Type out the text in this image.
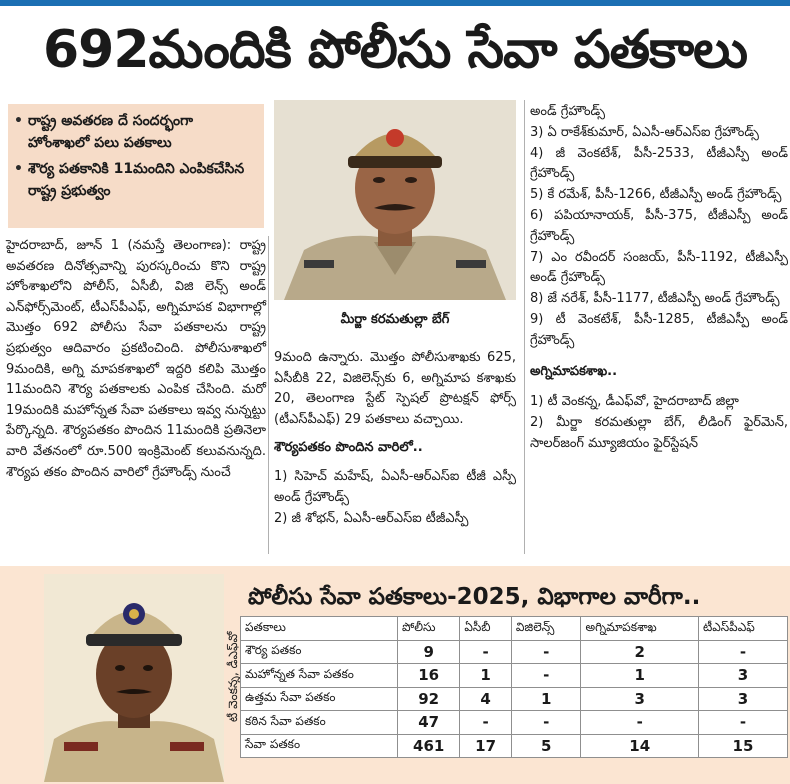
692మందికి పోలీసు సేవా పతకాలు
• రాష్ట్ర అవతరణ దే సందర్భంగా హోంశాఖలో పలు పతకాలు
• శౌర్య పతకానికి 11మందిని ఎంపికచేసిన రాష్ట్ర ప్రభుత్వం
హైదరాబాద్, జూన్ 1 (నమస్తే తెలంగాణ): రాష్ట్ర అవతరణ దినోత్సవాన్ని పురస్కరించు కొని రాష్ట్ర హోంశాఖలోని పోలీస్, ఏసీబీ, విజి లెన్స్ అండ్ ఎన్‌ఫోర్స్‌మెంట్, టీఎస్‌పీఎఫ్, అగ్నిమాపక విభాగాల్లో మొత్తం 692 పోలీసు సేవా పతకాలను రాష్ట్ర ప్రభుత్వం ఆదివారం ప్రకటించింది. పోలీసుశాఖలో 9మందికి, అగ్ని మాపకశాఖలో ఇద్దరి కలిపి మొత్తం 11మందిని శౌర్య పతకాలకు ఎంపిక చేసింది. మరో 19మందికి మహోన్నత సేవా పతకాలు ఇవ్వ నున్నట్టు పేర్కొన్నది. శౌర్యపతకం పొందిన 11మందికి ప్రతినెలా వారి వేతనంలో రూ.500 ఇంక్రిమెంట్ కలువనున్నది. శౌర్యప తకం పొందిన వారిలో గ్రేహౌండ్స్ నుంచే
మీర్జా కరమతుల్లా బేగ్
9మంది ఉన్నారు. మొత్తం పోలీసుశాఖకు 625, ఏసీబీకి 22, విజిలెన్స్‌కు 6, అగ్నిమాప కశాఖకు 20, తెలంగాణ స్టేట్ స్పెషల్ ప్రొటక్షన్ ఫోర్స్ (టీఎస్‌పీఎఫ్) 29 పతకాలు వచ్చాయి.
శౌర్యపతకం పొందిన వారిలో..
1) సిహెచ్ మహేష్, ఏఎసీ-ఆర్‌ఎస్‌ఐ టీజీ ఎస్పీ అండ్ గ్రేహౌండ్స్
2) జీ శోభన్, ఏఎసీ-ఆర్‌ఎస్‌ఐ టీజీఎస్పీ
అండ్ గ్రేహౌండ్స్
3) ఏ రాకేశ్‌కుమార్, ఏఎసీ-ఆర్‌ఎస్‌ఐ గ్రేహౌండ్స్
4) జీ వెంకటేశ్, పీసీ-2533, టీజీఎస్పీ అండ్ గ్రేహౌండ్స్
5) కే రమేశ్, పీసీ-1266, టీజీఎస్పీ అండ్ గ్రేహౌండ్స్
6) పపియానాయక్, పీసీ-375, టీజీఎస్పీ అండ్ గ్రేహౌండ్స్
7) ఎం రవీందర్ సంజయ్, పీసీ-1192, టీజీఎస్పీ అండ్ గ్రేహౌండ్స్
8) జే నరేశ్, పీసీ-1177, టీజీఎస్పీ అండ్ గ్రేహౌండ్స్
9) టీ వెంకటేశ్, పీసీ-1285, టీజీఎస్పీ అండ్ గ్రేహౌండ్స్
అగ్నిమాపకశాఖ..
1) టీ వెంకన్న, డీఎఫ్‌వో, హైదరాబాద్ జిల్లా
2) మీర్జా కరమతుల్లా బేగ్, లీడింగ్ ఫైర్‌మెన్, సాలర్‌జంగ్ మ్యూజియం ఫైర్‌స్టేషన్
టీ వెంకన్న, డీఎఫ్‌వో
పోలీసు సేవా పతకాలు-2025, విభాగాల వారీగా..
పతకాలు	పోలీసు	ఏసీబీ	విజిలెన్స్	అగ్నిమాపకశాఖ	టీఎస్‌పీఎఫ్
శౌర్య పతకం	9	-	-	2	-
మహోన్నత సేవా పతకం	16	1	-	1	3
ఉత్తమ సేవా పతకం	92	4	1	3	3
కఠిన సేవా పతకం	47	-	-	-	-
సేవా పతకం	461	17	5	14	15
